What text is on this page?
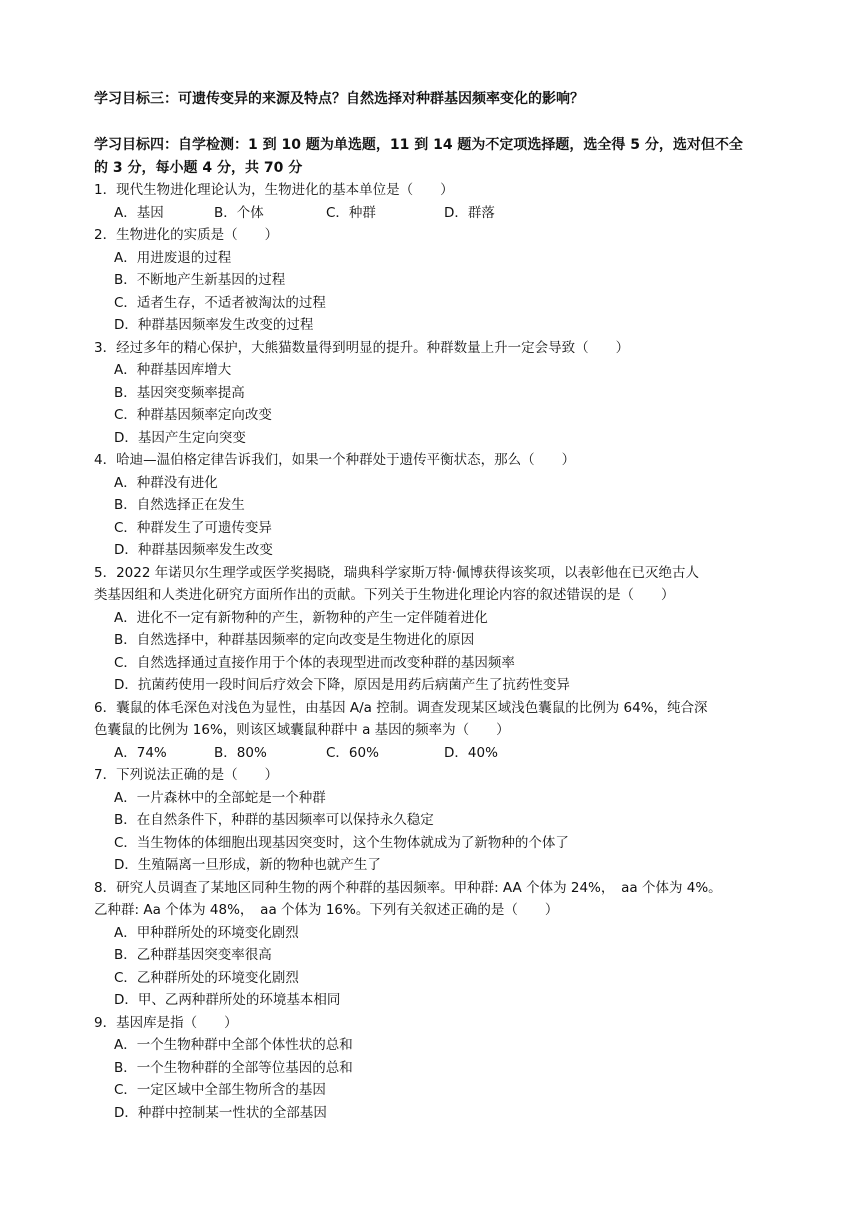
学习目标三：可遗传变异的来源及特点？自然选择对种群基因频率变化的影响？

学习目标四：自学检测：1 到 10 题为单选题，11 到 14 题为不定项选择题，选全得 5 分，选对但不全

的 3 分，每小题 4 分，共 70 分

1．现代生物进化理论认为，生物进化的基本单位是（　　）

A．基因	B．个体	C．种群	D．群落

2．生物进化的实质是（　　）

A．用进废退的过程

B．不断地产生新基因的过程

C．适者生存，不适者被淘汰的过程

D．种群基因频率发生改变的过程

3．经过多年的精心保护，大熊猫数量得到明显的提升。种群数量上升一定会导致（　　）

A．种群基因库增大

B．基因突变频率提高

C．种群基因频率定向改变

D．基因产生定向突变

4．哈迪—温伯格定律告诉我们，如果一个种群处于遗传平衡状态，那么（　　）

A．种群没有进化

B．自然选择正在发生

C．种群发生了可遗传变异

D．种群基因频率发生改变

5．2022 年诺贝尔生理学或医学奖揭晓，瑞典科学家斯万特·佩博获得该奖项，以表彰他在已灭绝古人

类基因组和人类进化研究方面所作出的贡献。下列关于生物进化理论内容的叙述错误的是（　　）

A．进化不一定有新物种的产生，新物种的产生一定伴随着进化

B．自然选择中，种群基因频率的定向改变是生物进化的原因

C．自然选择通过直接作用于个体的表现型进而改变种群的基因频率

D．抗菌药使用一段时间后疗效会下降，原因是用药后病菌产生了抗药性变异

6．囊鼠的体毛深色对浅色为显性，由基因 A/a 控制。调查发现某区域浅色囊鼠的比例为 64%，纯合深

色囊鼠的比例为 16%，则该区域囊鼠种群中 a 基因的频率为（　　）

A．74%	B．80%	C．60%	D．40%

7．下列说法正确的是（　　）

A．一片森林中的全部蛇是一个种群

B．在自然条件下，种群的基因频率可以保持永久稳定

C．当生物体的体细胞出现基因突变时，这个生物体就成为了新物种的个体了

D．生殖隔离一旦形成，新的物种也就产生了

8．研究人员调查了某地区同种生物的两个种群的基因频率。甲种群: AA 个体为 24%，　aa 个体为 4%。

乙种群: Aa 个体为 48%，　aa 个体为 16%。下列有关叙述正确的是（　　）

A．甲种群所处的环境变化剧烈

B．乙种群基因突变率很高

C．乙种群所处的环境变化剧烈

D．甲、乙两种群所处的环境基本相同

9．基因库是指（　　）

A．一个生物种群中全部个体性状的总和

B．一个生物种群的全部等位基因的总和

C．一定区域中全部生物所含的基因

D．种群中控制某一性状的全部基因
